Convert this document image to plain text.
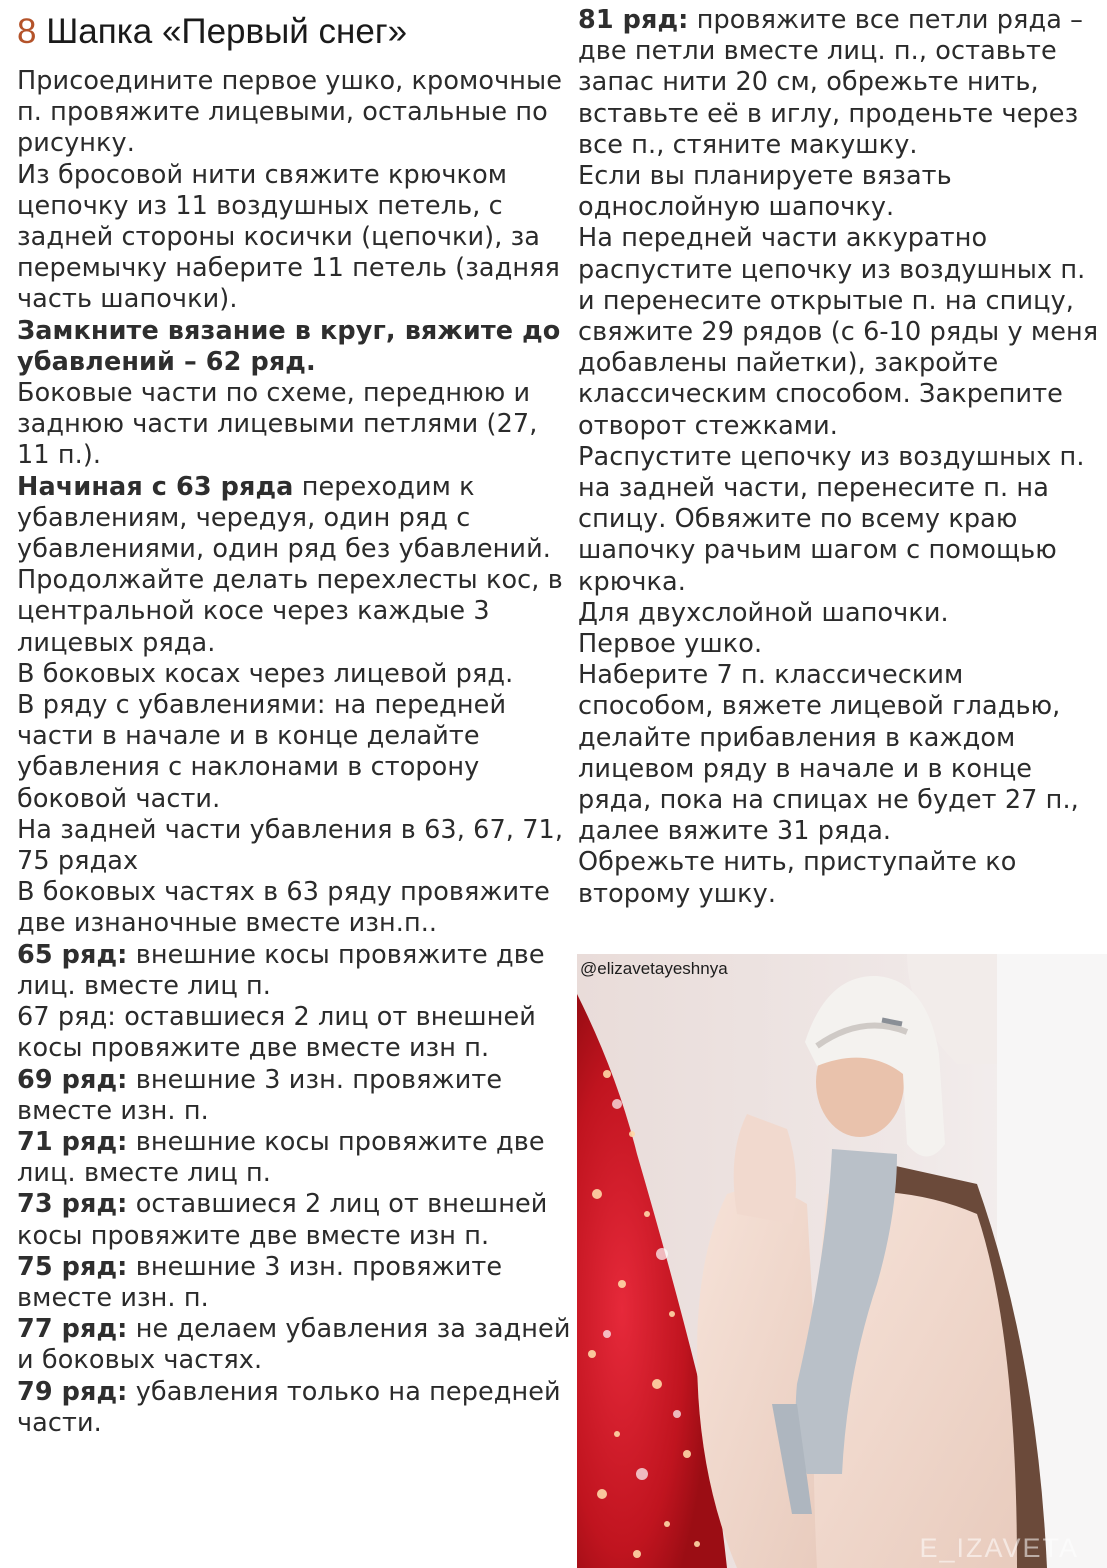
8 Шапка «Первый снег»

Присоедините первое ушко, кромочные п. провяжите лицевыми, остальные по рисунку.

Из бросовой нити свяжите крючком цепочку из 11 воздушных петель, с задней стороны косички (цепочки), за перемычку наберите 11 петель (задняя часть шапочки).

Замкните вязание в круг, вяжите до убавлений – 62 ряд.

Боковые части по схеме, переднюю и заднюю части лицевыми петлями (27, 11 п.).

Начиная с 63 ряда переходим к убавлениям, чередуя, один ряд с убавлениями, один ряд без убавлений. Продолжайте делать перехлесты кос, в центральной косе через каждые 3 лицевых ряда.

В боковых косах через лицевой ряд.

В ряду с убавлениями: на передней части в начале и в конце делайте убавления с наклонами в сторону боковой части.

На задней части убавления в 63, 67, 71, 75 рядах

В боковых частях в 63 ряду провяжите две изнаночные вместе изн.п..

65 ряд: внешние косы провяжите две лиц. вместе лиц п.

67 ряд: оставшиеся 2 лиц от внешней косы провяжите две вместе изн п.

69 ряд: внешние 3 изн. провяжите вместе изн. п.

71 ряд: внешние косы провяжите две лиц. вместе лиц п.

73 ряд: оставшиеся 2 лиц от внешней косы провяжите две вместе изн п.

75 ряд: внешние 3 изн. провяжите вместе изн. п.

77 ряд: не делаем убавления за задней и боковых частях.

79 ряд: убавления только на передней части.

81 ряд: провяжите все петли ряда – две петли вместе лиц. п., оставьте запас нити 20 см, обрежьте нить, вставьте её в иглу, проденьте через все п., стяните макушку.

Если вы планируете вязать однослойную шапочку.

На передней части аккуратно распустите цепочку из воздушных п. и перенесите открытые п. на спицу, свяжите 29 рядов (с 6-10 ряды у меня добавлены пайетки), закройте классическим способом. Закрепите отворот стежками.

Распустите цепочку из воздушных п. на задней части, перенесите п. на спицу. Обвяжите по всему краю шапочку рачьим шагом с помощью крючка.

Для двухслойной шапочки.

Первое ушко.

Наберите 7 п. классическим способом, вяжете лицевой гладью, делайте прибавления в каждом лицевом ряду в начале и в конце ряда, пока на спицах не будет 27 п., далее вяжите 31 ряда.

Обрежьте нить, приступайте ко второму ушку.

@elizavetayeshnya
E_IZAVETA
